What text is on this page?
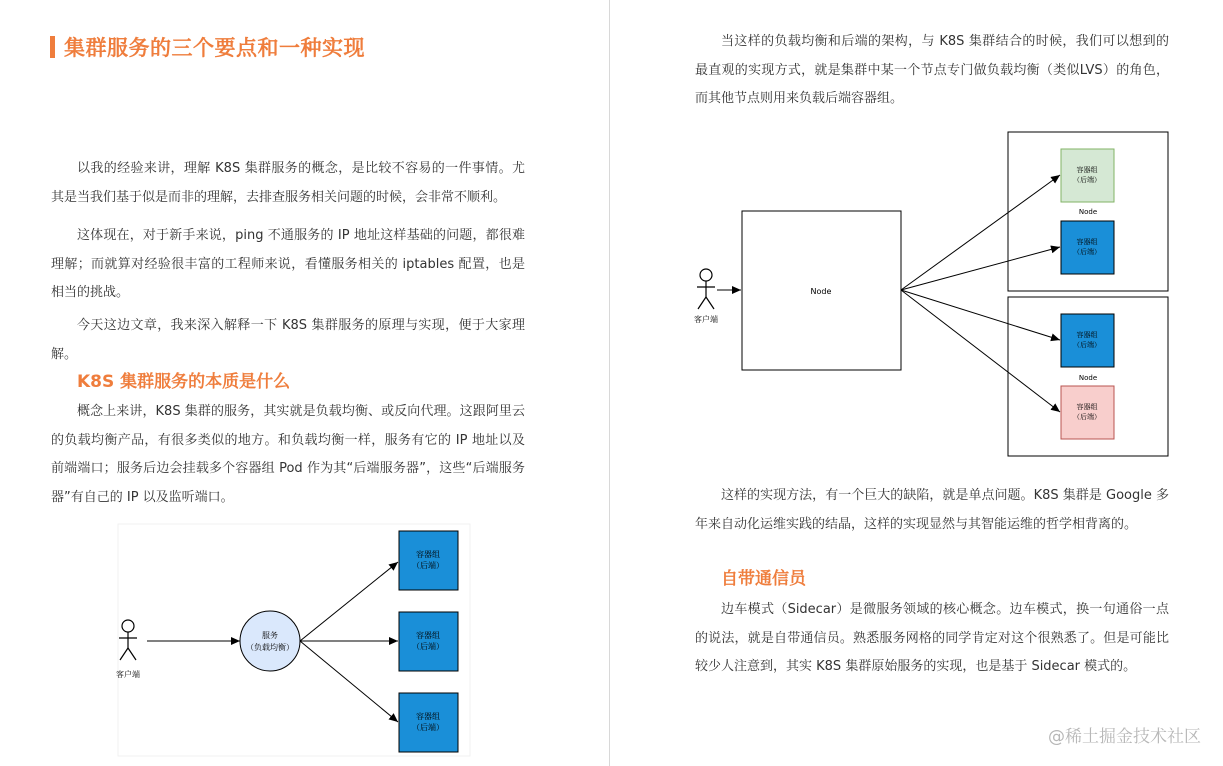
集群服务的三个要点和一种实现

以我的经验来讲，理解 K8S 集群服务的概念，是比较不容易的一件事情。尤其是当我们基于似是而非的理解，去排查服务相关问题的时候，会非常不顺利。

这体现在，对于新手来说，ping 不通服务的 IP 地址这样基础的问题，都很难理解；而就算对经验很丰富的工程师来说，看懂服务相关的 iptables 配置，也是相当的挑战。

今天这边文章，我来深入解释一下 K8S 集群服务的原理与实现，便于大家理解。

K8S 集群服务的本质是什么

概念上来讲，K8S 集群的服务，其实就是负载均衡、或反向代理。这跟阿里云的负载均衡产品，有很多类似的地方。和负载均衡一样，服务有它的 IP 地址以及前端端口；服务后边会挂载多个容器组 Pod 作为其“后端服务器”，这些“后端服务器”有自己的 IP 以及监听端口。

客户端
服务
（负载均衡）
容器组
（后端）
容器组
（后端）
容器组
（后端）

当这样的负载均衡和后端的架构，与 K8S 集群结合的时候，我们可以想到的最直观的实现方式，就是集群中某一个节点专门做负载均衡（类似LVS）的角色，而其他节点则用来负载后端容器组。

客户端
Node
Node
容器组
（后端）
容器组
（后端）
Node
容器组
（后端）
容器组
（后端）

这样的实现方法，有一个巨大的缺陷，就是单点问题。K8S 集群是 Google 多年来自动化运维实践的结晶，这样的实现显然与其智能运维的哲学相背离的。

自带通信员

边车模式（Sidecar）是微服务领域的核心概念。边车模式，换一句通俗一点的说法，就是自带通信员。熟悉服务网格的同学肯定对这个很熟悉了。但是可能比较少人注意到，其实 K8S 集群原始服务的实现，也是基于 Sidecar 模式的。

@稀土掘金技术社区
